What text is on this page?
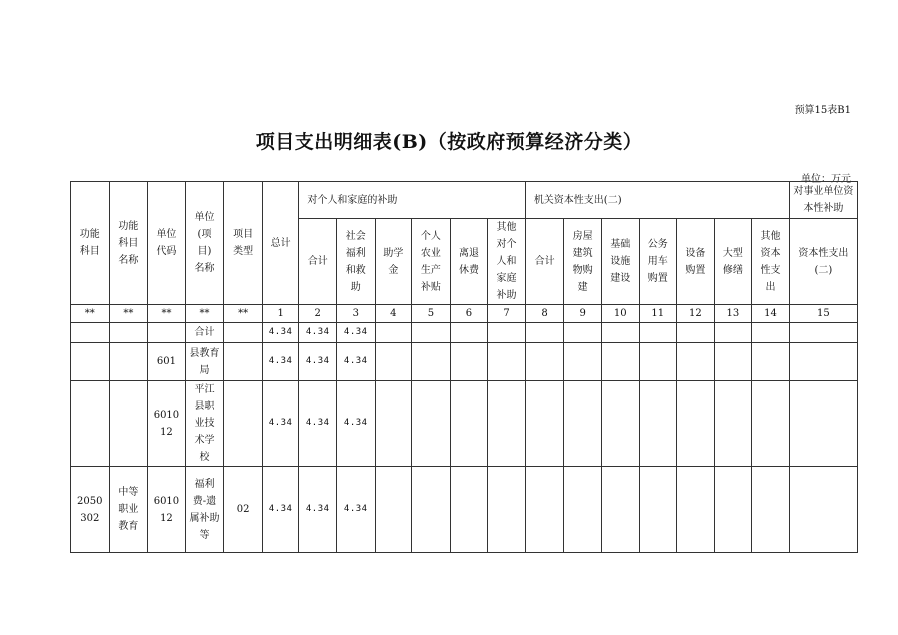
预算15表B1
项目支出明细表(B)（按政府预算经济分类）
单位：万元
功能科目	功能科目名称	单位代码	单位(项目)名称	项目类型	总计	对个人和家庭的补助						机关资本性支出(二)							对事业单位资本性补助

						合计	社会福利和救助	助学金	个人农业生产补贴	离退休费	其他对个人和家庭补助	合计	房屋建筑物购建	基础设施建设	公务用车购置	设备购置	大型修缮	其他资本性支出	资本性支出(二)

**	**	**	**	**	1	2	3	4	5	6	7	8	9	10	11	12	13	14	15

			合计		4.34	4.34	4.34												
		601	县教育局		4.34	4.34	4.34												

		601012	平江县职业技术学校		4.34	4.34	4.34												

2050302	中等职业教育	601012	福利费-遗属补助等	02	4.34	4.34	4.34												
